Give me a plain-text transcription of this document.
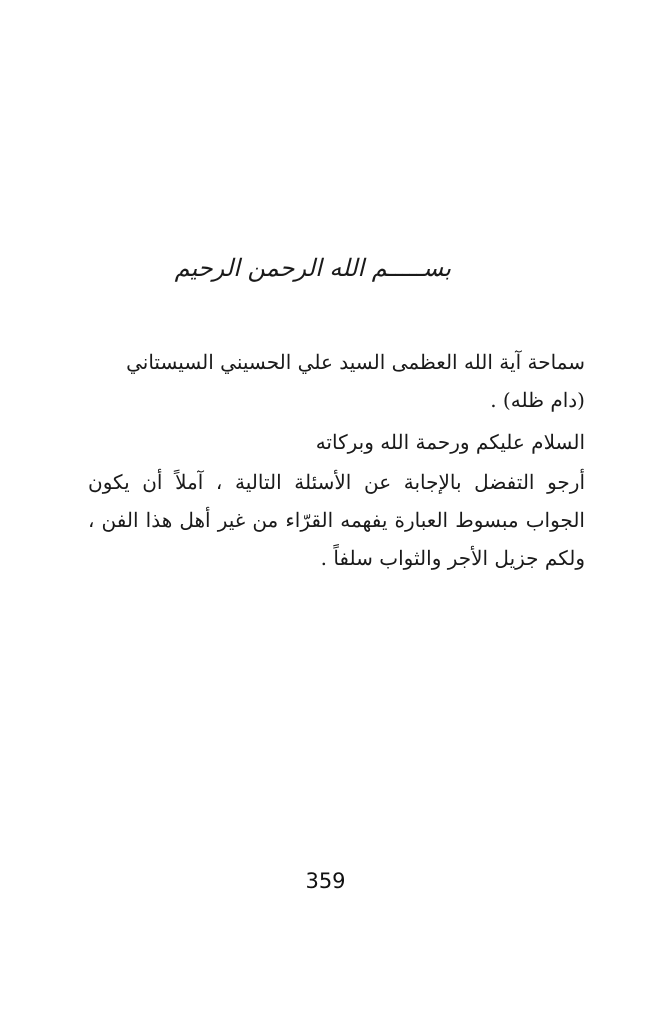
بســـــم الله الرحمن الرحيم
سماحة آية الله العظمى السيد علي الحسيني السيستاني (دام ظله) .
السلام عليكم ورحمة الله وبركاته
أرجو التفضل بالإجابة عن الأسئلة التالية ، آملاً أن يكون الجواب مبسوط العبارة يفهمه القرّاء من غير أهل هذا الفن ، ولكم جزيل الأجر والثواب سلفاً .
359
